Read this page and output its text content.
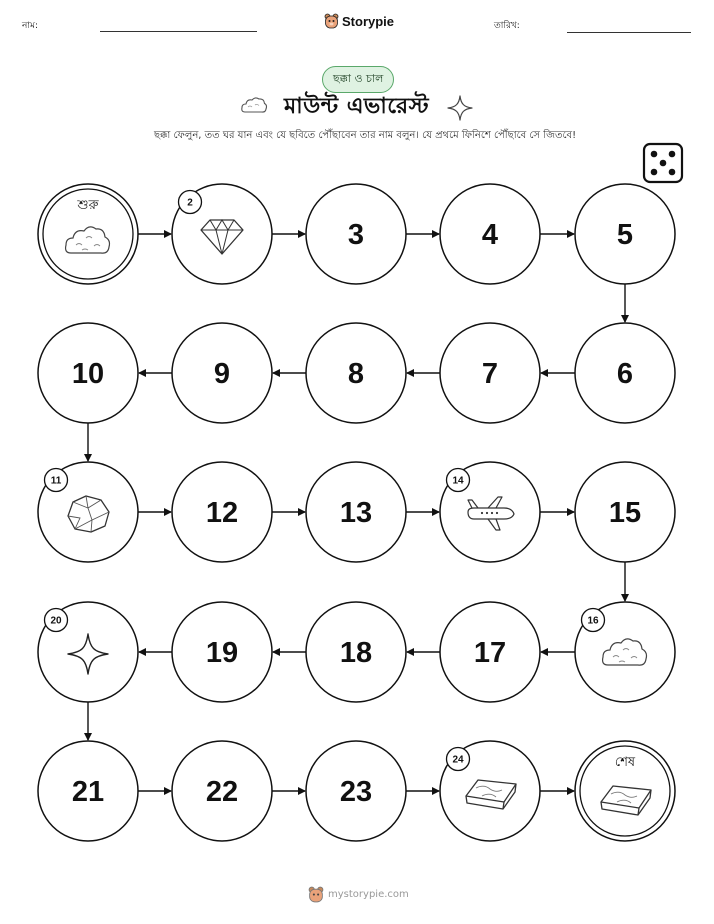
নাম:	Storypie	তারিখ:
ছক্কা ও চাল
মাউন্ট এভারেস্ট
ছক্কা ফেলুন, তত ঘর যান এবং যে ছবিতে পৌঁছাবেন তার নাম বলুন। যে প্রথমে ফিনিশে পৌঁছাবে সে জিতবে!
শুরু	2
3	4	5
6
7
8
9
10
11
12	13
14
15
16
17
18
19
20
21	22	23
24	শেষ
mystorypie.com
